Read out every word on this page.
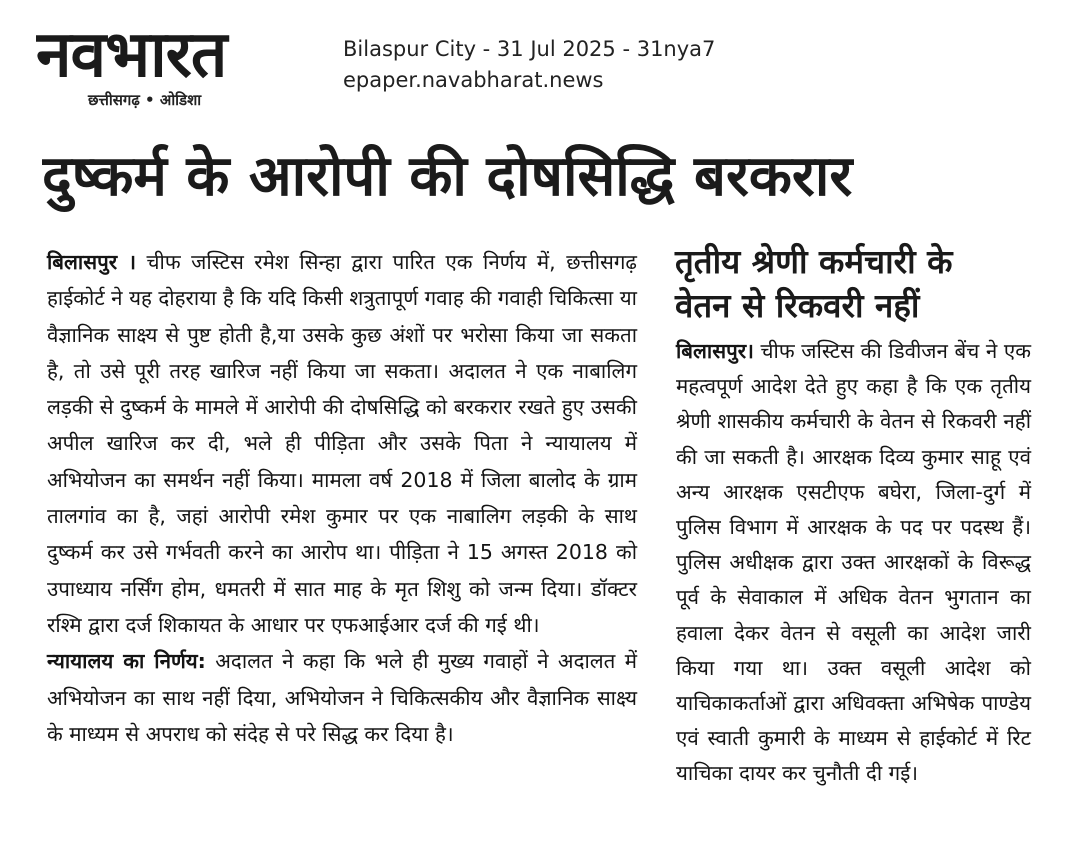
नवभारत
छत्तीसगढ़ • ओडिशा
Bilaspur City - 31 Jul 2025 - 31nya7
epaper.navabharat.news
दुष्कर्म के आरोपी की दोषसिद्धि बरकरार

बिलासपुर । चीफ जस्टिस रमेश सिन्हा द्वारा पारित एक निर्णय में, छत्तीसगढ़ हाईकोर्ट ने यह दोहराया है कि यदि किसी शत्रुतापूर्ण गवाह की गवाही चिकित्सा या वैज्ञानिक साक्ष्य से पुष्ट होती है,या उसके कुछ अंशों पर भरोसा किया जा सकता है, तो उसे पूरी तरह खारिज नहीं किया जा सकता। अदालत ने एक नाबालिग लड़की से दुष्कर्म के मामले में आरोपी की दोषसिद्धि को बरकरार रखते हुए उसकी अपील खारिज कर दी, भले ही पीड़िता और उसके पिता ने न्यायालय में अभियोजन का समर्थन नहीं किया। मामला वर्ष 2018 में जिला बालोद के ग्राम तालगांव का है, जहां आरोपी रमेश कुमार पर एक नाबालिग लड़की के साथ दुष्कर्म कर उसे गर्भवती करने का आरोप था। पीड़िता ने 15 अगस्त 2018 को उपाध्याय नर्सिंग होम, धमतरी में सात माह के मृत शिशु को जन्म दिया। डॉक्टर रश्मि द्वारा दर्ज शिकायत के आधार पर एफआईआर दर्ज की गई थी।

न्यायालय का निर्णय: अदालत ने कहा कि भले ही मुख्य गवाहों ने अदालत में अभियोजन का साथ नहीं दिया, अभियोजन ने चिकित्सकीय और वैज्ञानिक साक्ष्य के माध्यम से अपराध को संदेह से परे सिद्ध कर दिया है।

तृतीय श्रेणी कर्मचारी के
वेतन से रिकवरी नहीं

बिलासपुर। चीफ जस्टिस की डिवीजन बेंच ने एक महत्वपूर्ण आदेश देते हुए कहा है कि एक तृतीय श्रेणी शासकीय कर्मचारी के वेतन से रिकवरी नहीं की जा सकती है। आरक्षक दिव्य कुमार साहू एवं अन्य आरक्षक एसटीएफ बघेरा, जिला-दुर्ग में पुलिस विभाग में आरक्षक के पद पर पदस्थ हैं। पुलिस अधीक्षक द्वारा उक्त आरक्षकों के विरूद्ध पूर्व के सेवाकाल में अधिक वेतन भुगतान का हवाला देकर वेतन से वसूली का आदेश जारी किया गया था। उक्त वसूली आदेश को याचिकाकर्ताओं द्वारा अधिवक्ता अभिषेक पाण्डेय एवं स्वाती कुमारी के माध्यम से हाईकोर्ट में रिट याचिका दायर कर चुनौती दी गई।
